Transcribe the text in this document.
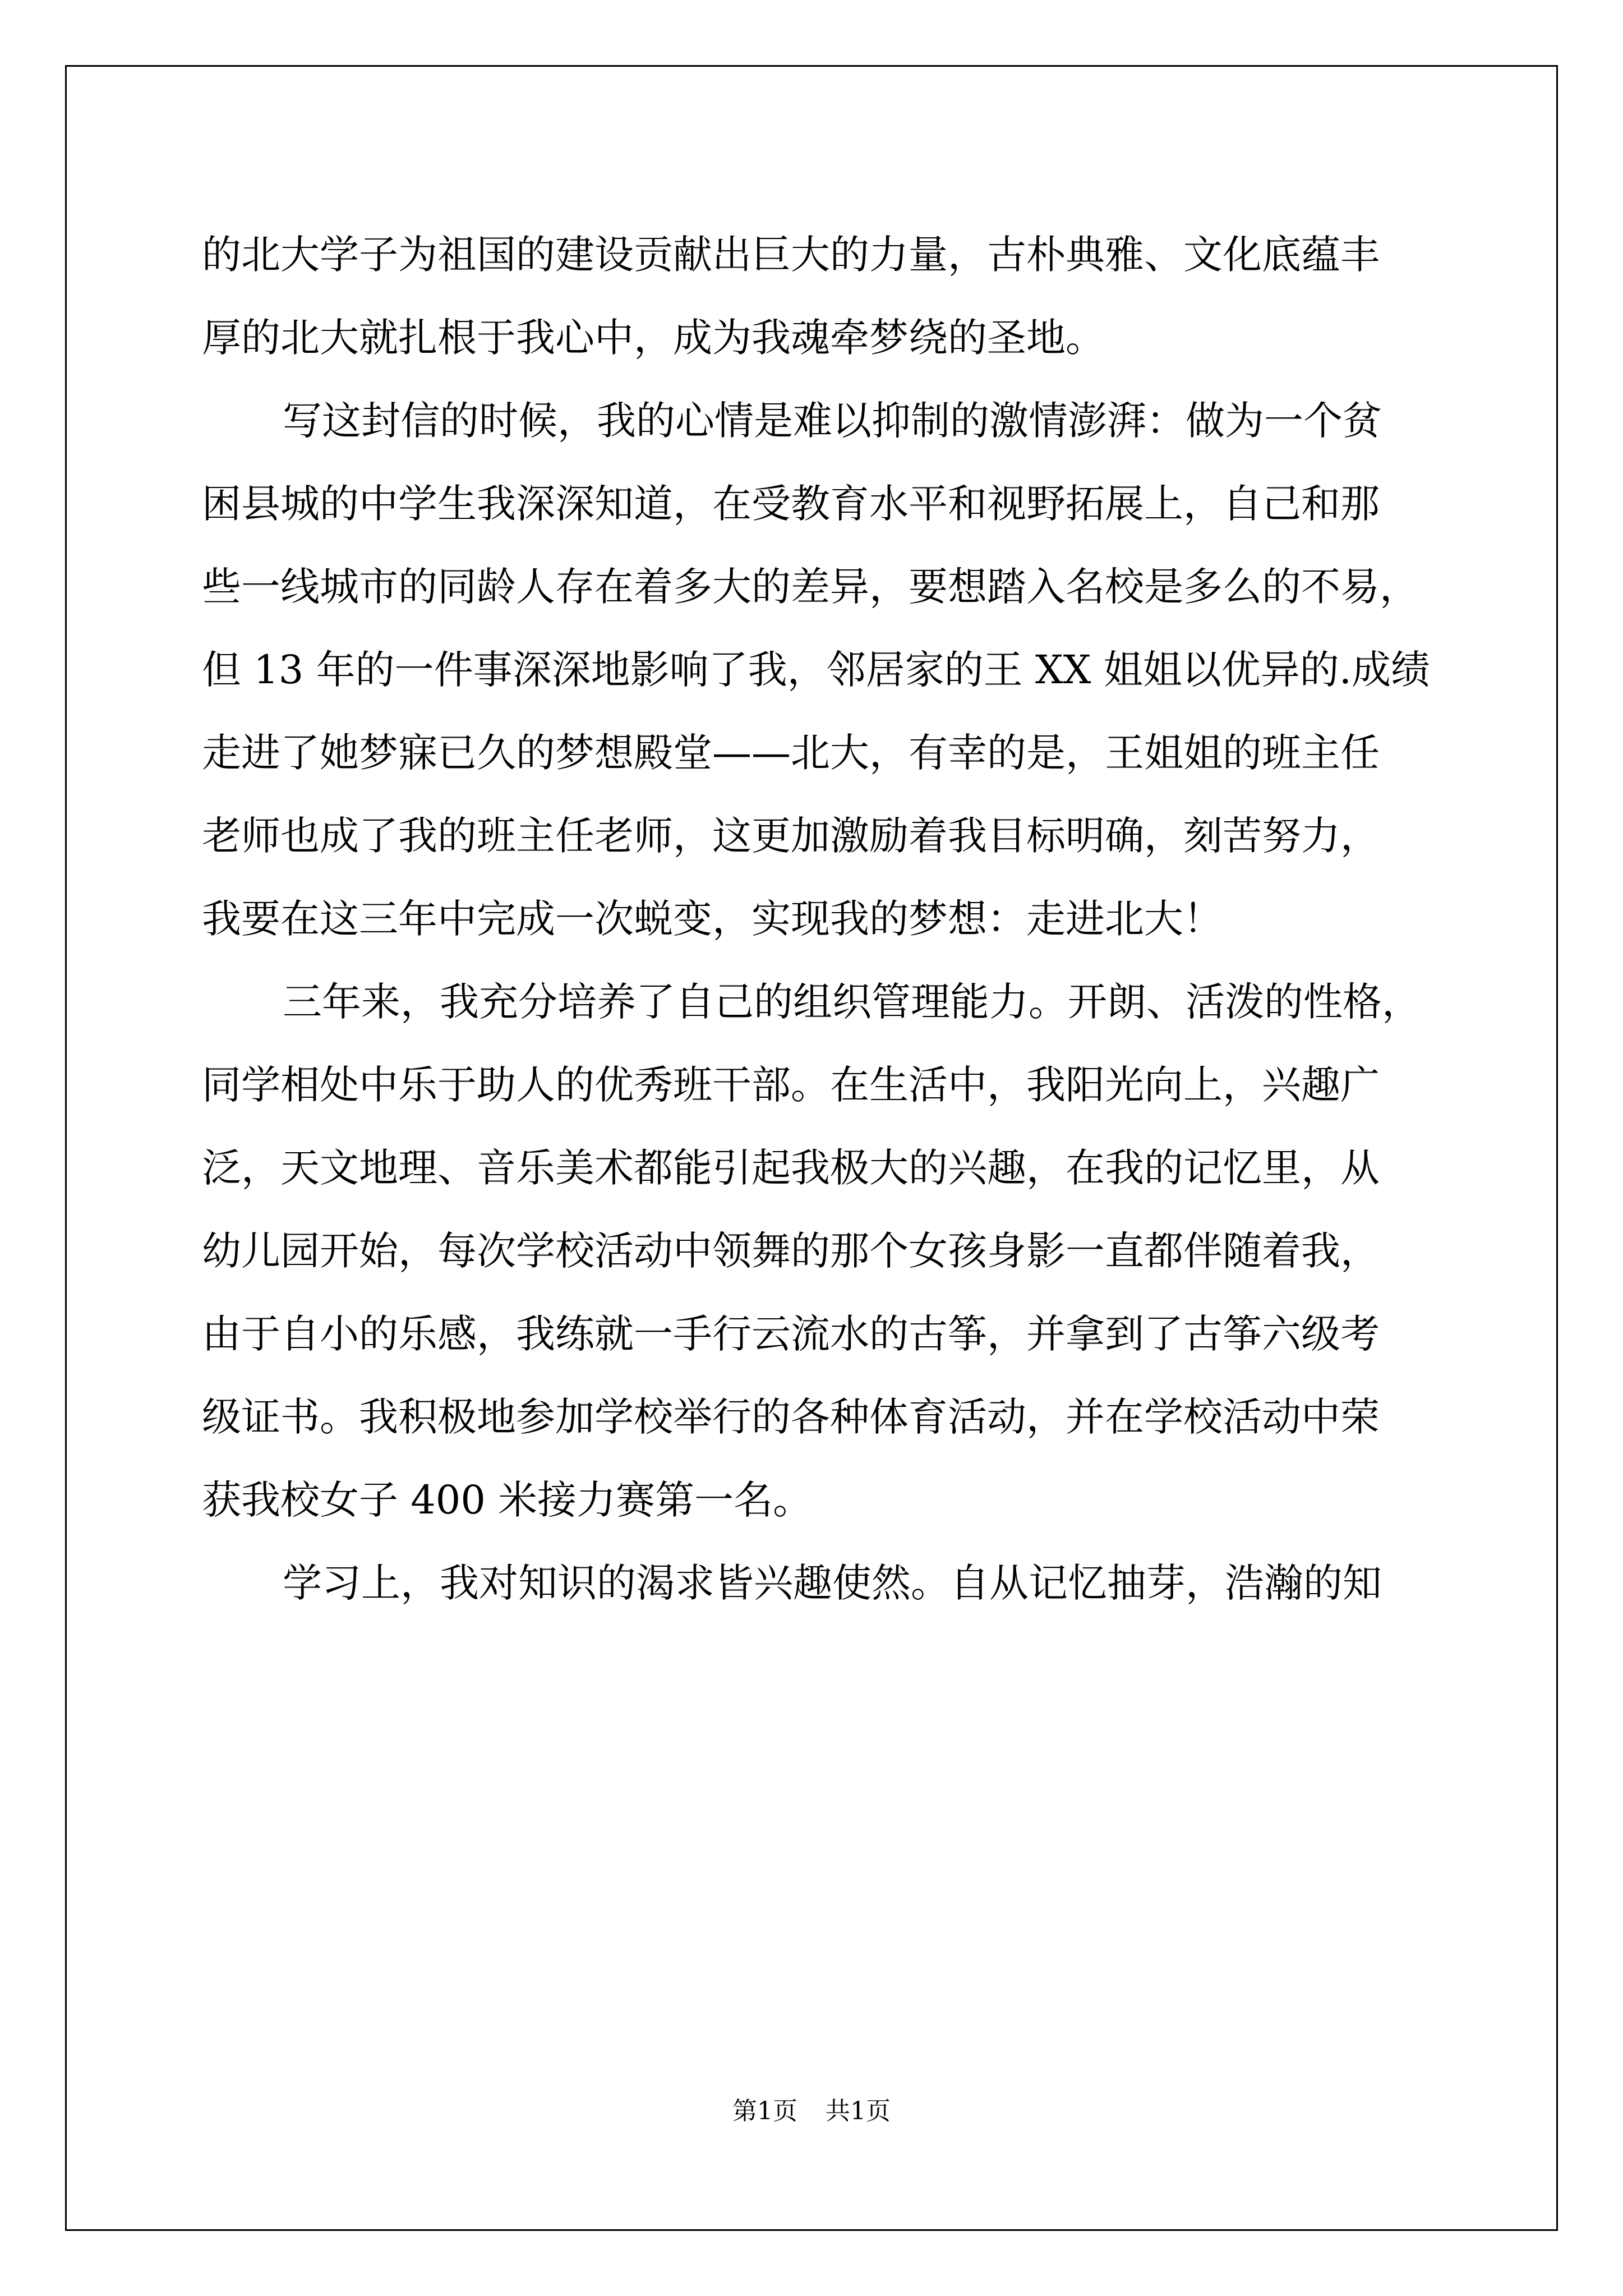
的北大学子为祖国的建设贡献出巨大的力量，古朴典雅、文化底蕴丰
厚的北大就扎根于我心中，成为我魂牵梦绕的圣地。
写这封信的时候，我的心情是难以抑制的激情澎湃：做为一个贫
困县城的中学生我深深知道，在受教育水平和视野拓展上，自己和那
些一线城市的同龄人存在着多大的差异，要想踏入名校是多么的不易，
但 13 年的一件事深深地影响了我，邻居家的王 XX 姐姐以优异的.成绩
走进了她梦寐已久的梦想殿堂——北大，有幸的是，王姐姐的班主任
老师也成了我的班主任老师，这更加激励着我目标明确，刻苦努力，
我要在这三年中完成一次蜕变，实现我的梦想：走进北大！
三年来，我充分培养了自己的组织管理能力。开朗、活泼的性格，
同学相处中乐于助人的优秀班干部。在生活中，我阳光向上，兴趣广
泛，天文地理、音乐美术都能引起我极大的兴趣，在我的记忆里，从
幼儿园开始，每次学校活动中领舞的那个女孩身影一直都伴随着我，
由于自小的乐感，我练就一手行云流水的古筝，并拿到了古筝六级考
级证书。我积极地参加学校举行的各种体育活动，并在学校活动中荣
获我校女子 400 米接力赛第一名。
学习上，我对知识的渴求皆兴趣使然。自从记忆抽芽，浩瀚的知
第1页 共1页
